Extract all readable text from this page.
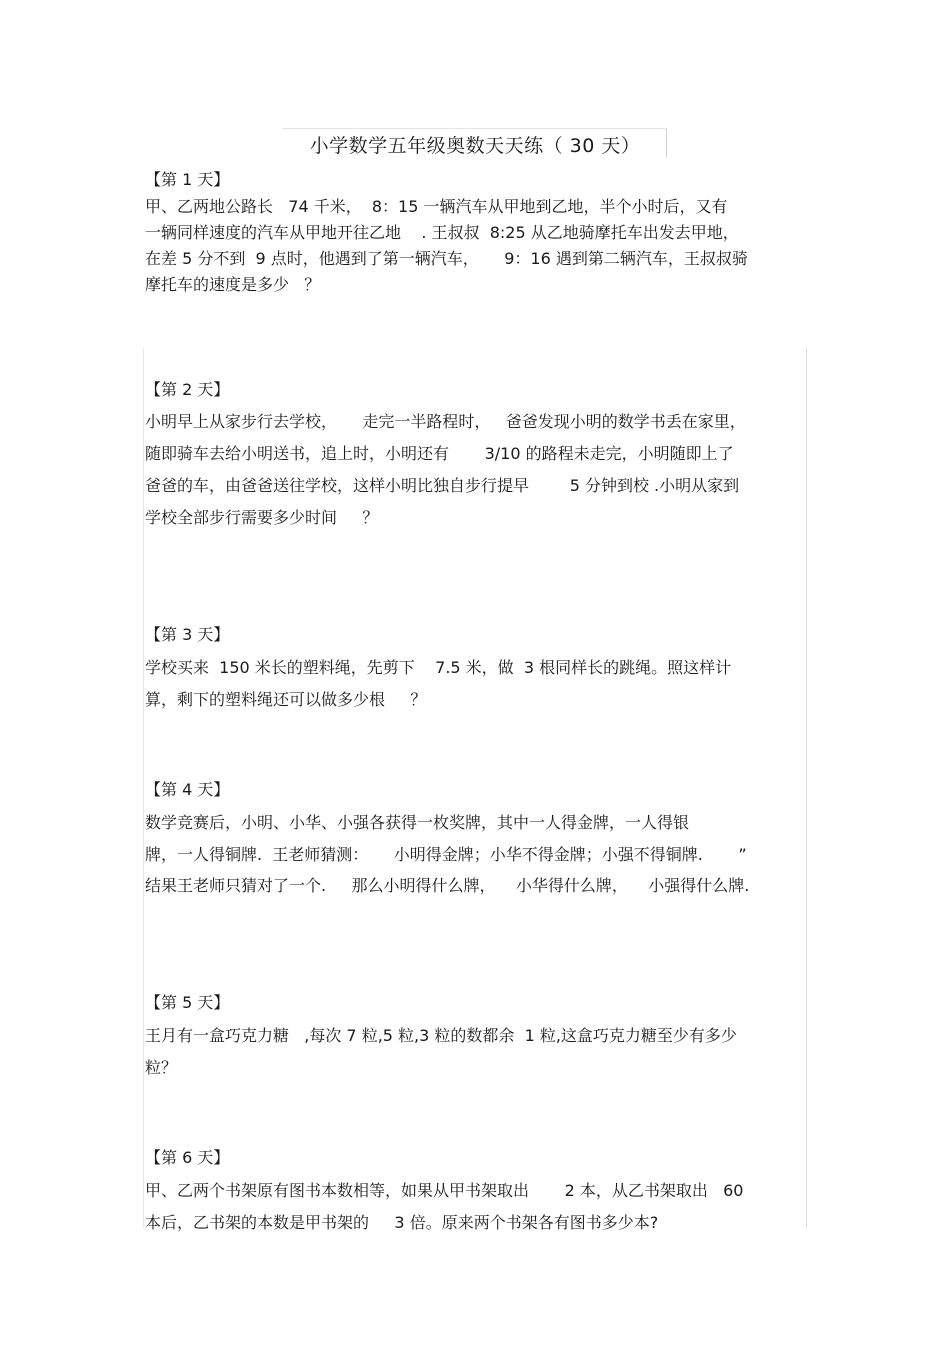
小学数学五年级奥数天天练（ 30 天）
【第 1 天】

甲、乙两地公路长   74 千米，  8：15 一辆汽车从甲地到乙地，半个小时后，又有
一辆同样速度的汽车从甲地开往乙地    . 王叔叔  8:25 从乙地骑摩托车出发去甲地，
在差 5 分不到  9 点时，他遇到了第一辆汽车，     9：16 遇到第二辆汽车，王叔叔骑
摩托车的速度是多少   ？

【第 2 天】

小明早上从家步行去学校，     走完一半路程时，   爸爸发现小明的数学书丢在家里，
随即骑车去给小明送书，追上时，小明还有       3/10 的路程未走完，小明随即上了
爸爸的车，由爸爸送往学校，这样小明比独自步行提早        5 分钟到校 .小明从家到
学校全部步行需要多少时间     ？

【第 3 天】

学校买来  150 米长的塑料绳，先剪下    7.5 米，做  3 根同样长的跳绳。照这样计
算，剩下的塑料绳还可以做多少根     ？

【第 4 天】

数学竞赛后，小明、小华、小强各获得一枚奖牌，其中一人得金牌，一人得银
牌，一人得铜牌.  王老师猜测：     小明得金牌；小华不得金牌；小强不得铜牌.       ”
结果王老师只猜对了一个.     那么小明得什么牌，    小华得什么牌，    小强得什么牌.

【第 5 天】

王月有一盒巧克力糖   ,每次 7 粒,5 粒,3 粒的数都余  1 粒,这盒巧克力糖至少有多少
粒？

【第 6 天】

甲、乙两个书架原有图书本数相等，如果从甲书架取出       2 本，从乙书架取出   60
本后，乙书架的本数是甲书架的     3 倍。原来两个书架各有图书多少本?
